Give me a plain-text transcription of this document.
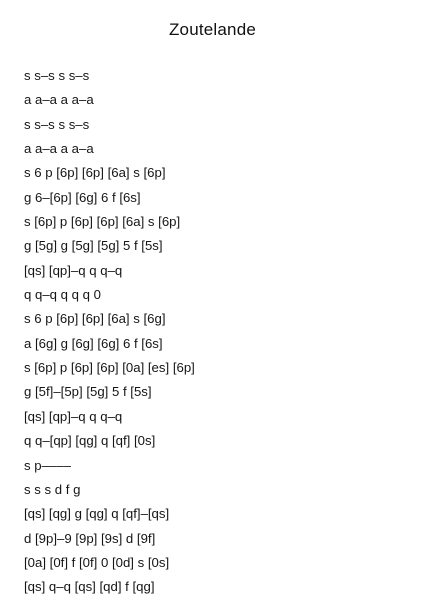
Zoutelande
s s–s s s–s
a a–a a a–a
s s–s s s–s
a a–a a a–a
s 6 p [6p] [6p] [6a] s [6p]
g 6–[6p] [6g] 6 f [6s]
s [6p] p [6p] [6p] [6a] s [6p]
g [5g] g [5g] [5g] 5 f [5s]
[qs] [qp]–q q q–q
q q–q q q q 0
s 6 p [6p] [6p] [6a] s [6g]
a [6g] g [6g] [6g] 6 f [6s]
s [6p] p [6p] [6p] [0a] [es] [6p]
g [5f]–[5p] [5g] 5 f [5s]
[qs] [qp]–q q q–q
q q–[qp] [qg] q [qf] [0s]
s p––––
s s s d f g
[qs] [qg] g [qg] q [qf]–[qs]
d [9p]–9 [9p] [9s] d [9f]
[0a] [0f] f [0f] 0 [0d] s [0s]
[qs] q–q [qs] [qd] f [qg]
